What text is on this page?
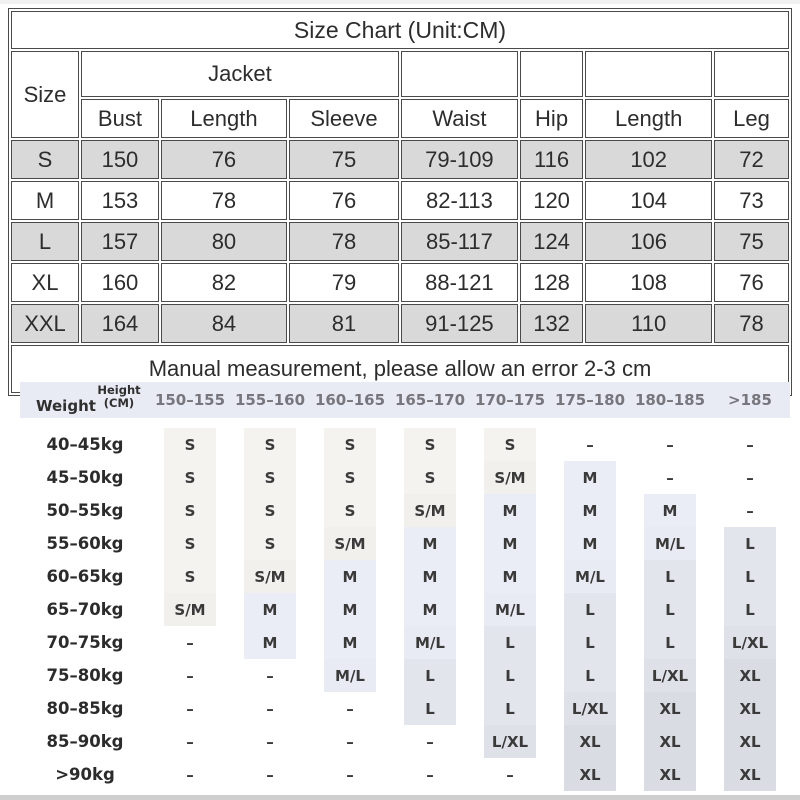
Size Chart (Unit:CM)							
Size	Jacket						
	Bust	Length	Sleeve	Waist	Hip	Length	Leg
S	150	76	75	79-109	116	102	72
M	153	78	76	82-113	120	104	73
L	157	80	78	85-117	124	106	75
XL	160	82	79	88-121	128	108	76
XXL	164	84	81	91-125	132	110	78
Manual measurement, please allow an error 2-3 cm							
Weight
Height
(CM)	150–155	155–160	160–165	165–170	170–175	175–180	180–185	>185

40–45kg	S	S	S	S	S	–	–	–

45–50kg	S	S	S	S	S/M	M	–	–

50–55kg	S	S	S	S/M	M	M	M	–

55–60kg	S	S	S/M	M	M	M	M/L	L

60–65kg	S	S/M	M	M	M	M/L	L	L

65–70kg	S/M	M	M	M	M/L	L	L	L

70–75kg	–	M	M	M/L	L	L	L	L/XL

75–80kg	–	–	M/L	L	L	L	L/XL	XL

80–85kg	–	–	–	L	L	L/XL	XL	XL

85–90kg	–	–	–	–	L/XL	XL	XL	XL

>90kg	–	–	–	–	–	XL	XL	XL
